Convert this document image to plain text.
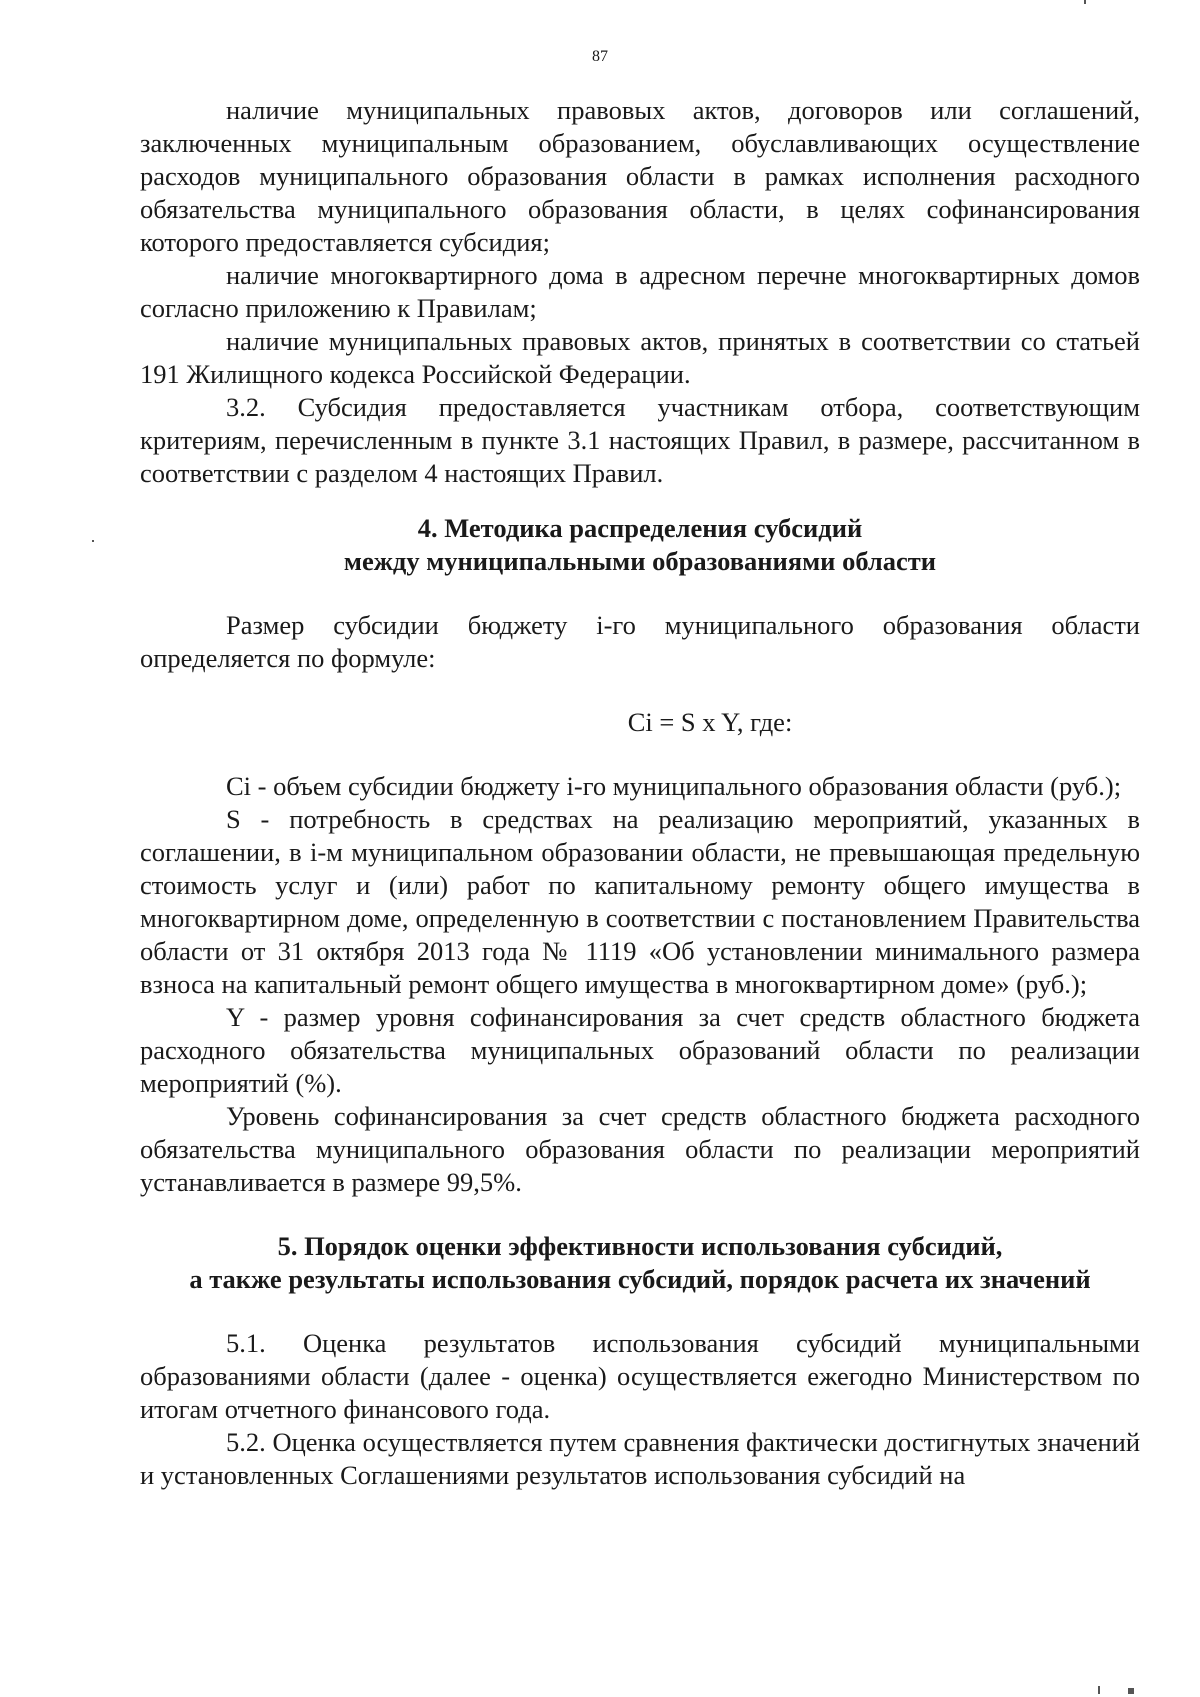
87

наличие муниципальных правовых актов, договоров или соглашений, заключенных муниципальным образованием, обуславливающих осуществление расходов муниципального образования области в рамках исполнения расходного обязательства муниципального образования области, в целях софинансирования которого предоставляется субсидия;

наличие многоквартирного дома в адресном перечне многоквартирных домов согласно приложению к Правилам;

наличие муниципальных правовых актов, принятых в соответствии со статьей 191 Жилищного кодекса Российской Федерации.

3.2. Субсидия предоставляется участникам отбора, соответствующим критериям, перечисленным в пункте 3.1 настоящих Правил, в размере, рассчитанном в соответствии с разделом 4 настоящих Правил.

4. Методика распределения субсидий

между муниципальными образованиями области

Размер субсидии бюджету i-го муниципального образования области определяется по формуле:

Ci = S x Y, где:

Ci - объем субсидии бюджету i-го муниципального образования области (руб.);

S - потребность в средствах на реализацию мероприятий, указанных в соглашении, в i-м муниципальном образовании области, не превышающая предельную стоимость услуг и (или) работ по капитальному ремонту общего имущества в многоквартирном доме, определенную в соответствии с постановлением Правительства области от 31 октября 2013 года № 1119 «Об установлении минимального размера взноса на капитальный ремонт общего имущества в многоквартирном доме» (руб.);

Y - размер уровня софинансирования за счет средств областного бюджета расходного обязательства муниципальных образований области по реализации мероприятий (%).

Уровень софинансирования за счет средств областного бюджета расходного обязательства муниципального образования области по реализации мероприятий устанавливается в размере 99,5%.

5. Порядок оценки эффективности использования субсидий,

а также результаты использования субсидий, порядок расчета их значений

5.1. Оценка результатов использования субсидий муниципальными образованиями области (далее - оценка) осуществляется ежегодно Министерством по итогам отчетного финансового года.

5.2. Оценка осуществляется путем сравнения фактически достигнутых значений и установленных Соглашениями результатов использования субсидий на
